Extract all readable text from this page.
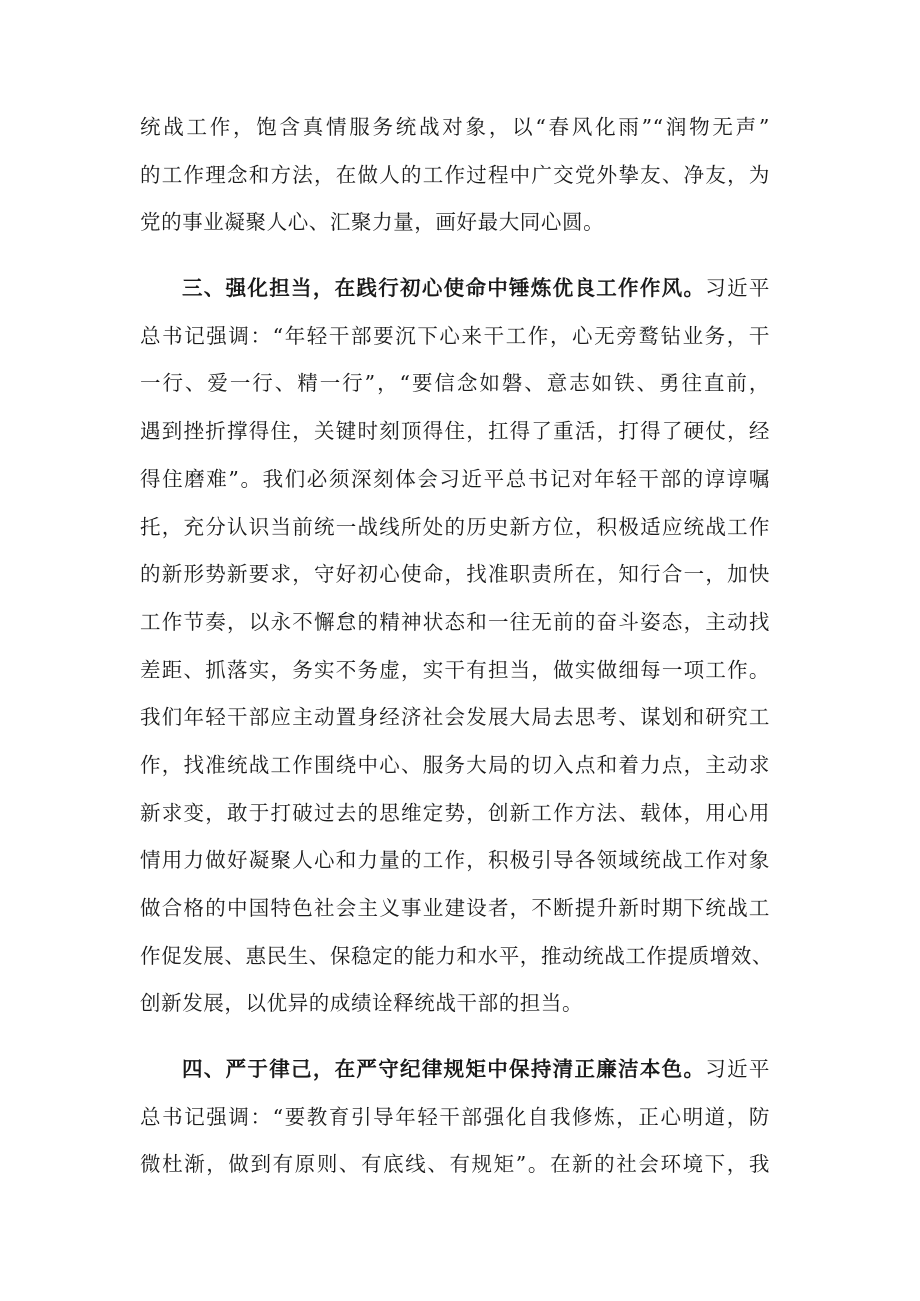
统战工作，饱含真情服务统战对象，以“春风化雨”“润物无声”
的工作理念和方法，在做人的工作过程中广交党外挚友、净友，为
党的事业凝聚人心、汇聚力量，画好最大同心圆。
三、强化担当，在践行初心使命中锤炼优良工作作风。习近平
总书记强调：“年轻干部要沉下心来干工作，心无旁鹜钻业务，干
一行、爱一行、精一行”，“要信念如磐、意志如铁、勇往直前，
遇到挫折撑得住，关键时刻顶得住，扛得了重活，打得了硬仗，经
得住磨难”。我们必须深刻体会习近平总书记对年轻干部的谆谆嘱
托，充分认识当前统一战线所处的历史新方位，积极适应统战工作
的新形势新要求，守好初心使命，找准职责所在，知行合一，加快
工作节奏，以永不懈怠的精神状态和一往无前的奋斗姿态，主动找
差距、抓落实，务实不务虚，实干有担当，做实做细每一项工作。
我们年轻干部应主动置身经济社会发展大局去思考、谋划和研究工
作，找准统战工作围绕中心、服务大局的切入点和着力点，主动求
新求变，敢于打破过去的思维定势，创新工作方法、载体，用心用
情用力做好凝聚人心和力量的工作，积极引导各领域统战工作对象
做合格的中国特色社会主义事业建设者，不断提升新时期下统战工
作促发展、惠民生、保稳定的能力和水平，推动统战工作提质增效、
创新发展，以优异的成绩诠释统战干部的担当。
四、严于律己，在严守纪律规矩中保持清正廉洁本色。习近平
总书记强调：“要教育引导年轻干部强化自我修炼，正心明道，防
微杜渐，做到有原则、有底线、有规矩”。在新的社会环境下，我
